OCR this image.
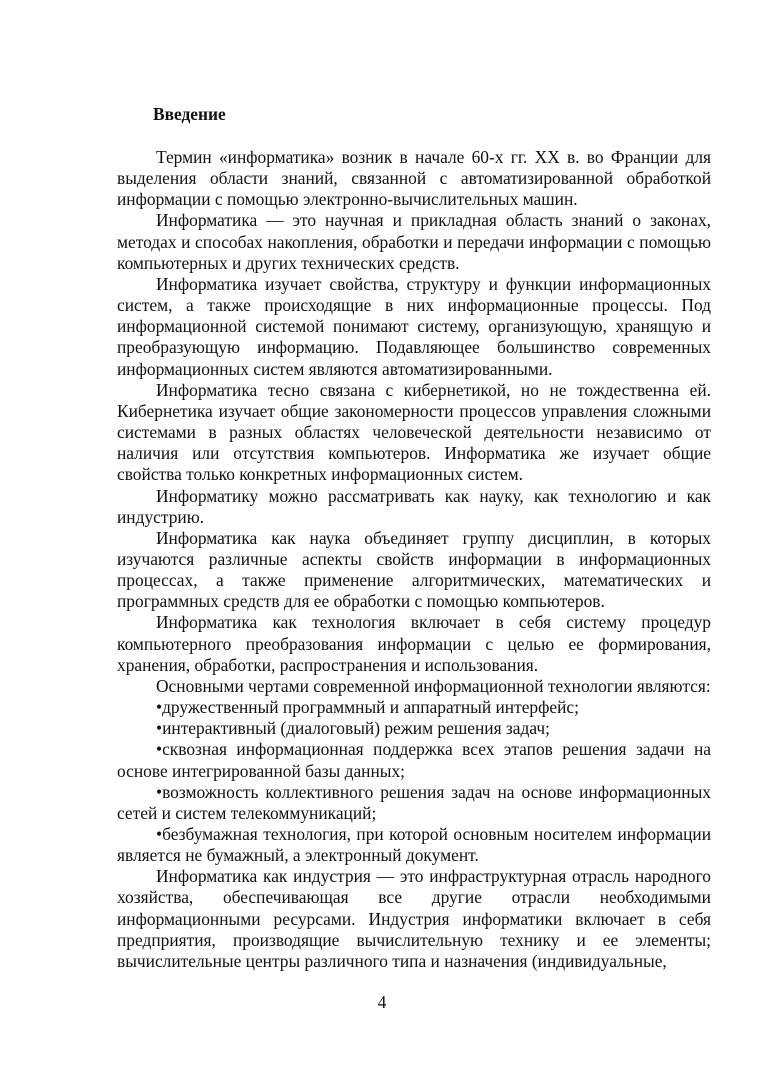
Введение

Термин «информатика» возник в начале 60-х гг. XX в. во Франции для выделения области знаний, связанной с автоматизированной обработкой информации с помощью электронно-вычислительных машин.

Информатика — это научная и прикладная область знаний о законах, методах и способах накопления, обработки и передачи информации с помощью компьютерных и других технических средств.

Информатика изучает свойства, структуру и функции информационных систем, а также происходящие в них информационные процессы. Под информационной системой понимают систему, организующую, хранящую и преобразующую информацию. Подавляющее большинство современных информационных систем являются автоматизированными.

Информатика тесно связана с кибернетикой, но не тождественна ей. Кибернетика изучает общие закономерности процессов управления сложными системами в разных областях человеческой деятельности независимо от наличия или отсутствия компьютеров. Информатика же изучает общие свойства только конкретных информационных систем.

Информатику можно рассматривать как науку, как технологию и как индустрию.

Информатика как наука объединяет группу дисциплин, в которых изучаются различные аспекты свойств информации в информационных процессах, а также применение алгоритмических, математических и программных средств для ее обработки с помощью компьютеров.

Информатика как технология включает в себя систему процедур компьютерного преобразования информации с целью ее формирования, хранения, обработки, распространения и использования.

Основными чертами современной информационной технологии являются:

•дружественный программный и аппаратный интерфейс;

•интерактивный (диалоговый) режим решения задач;

•сквозная информационная поддержка всех этапов решения задачи на основе интегрированной базы данных;

•возможность коллективного решения задач на основе информационных сетей и систем телекоммуникаций;

•безбумажная технология, при которой основным носителем информации является не бумажный, а электронный документ.

Информатика как индустрия — это инфраструктурная отрасль народного хозяйства, обеспечивающая все другие отрасли необходимыми информационными ресурсами. Индустрия информатики включает в себя предприятия, производящие вычислительную технику и ее элементы; вычислительные центры различного типа и назначения (индивидуальные,

4
